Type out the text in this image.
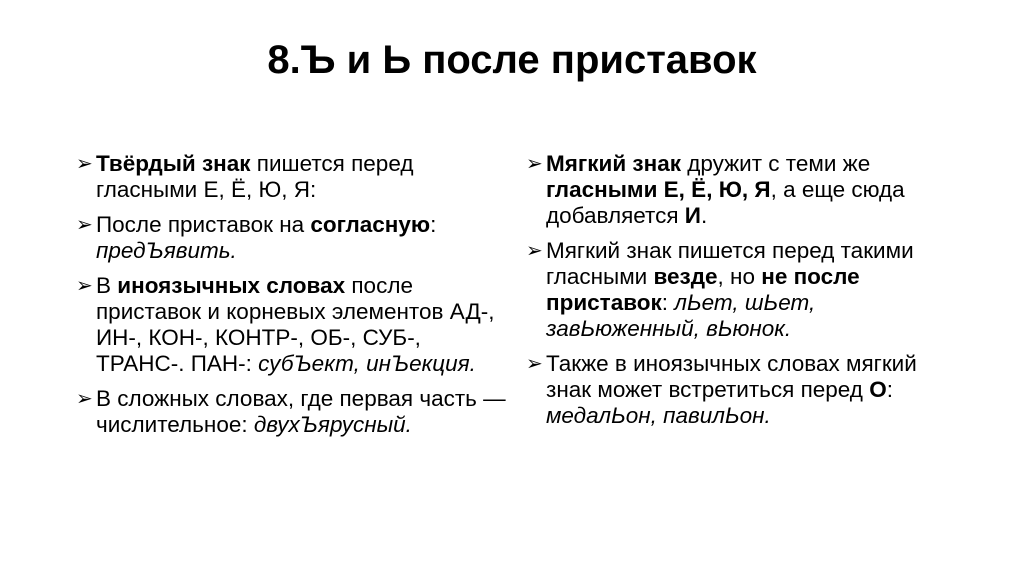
8.Ъ и Ь после приставок
➢ Твёрдый знак пишется перед гласными Е, Ё, Ю, Я:
➢ После приставок на согласную: предЪявить.
➢ В иноязычных словах после приставок и корневых элементов АД-, ИН-, КОН-, КОНТР-, ОБ-, СУБ-, ТРАНС-. ПАН-: субЪект, инЪекция.
➢ В сложных словах, где первая часть — числительное: двухЪярусный.
➢ Мягкий знак дружит с теми же гласными Е, Ё, Ю, Я, а еще сюда добавляется И.
➢ Мягкий знак пишется перед такими гласными везде, но не после приставок: лЬет, шЬет, завЬюженный, вЬюнок.
➢ Также в иноязычных словах мягкий знак может встретиться перед О: медалЬон, павилЬон.
